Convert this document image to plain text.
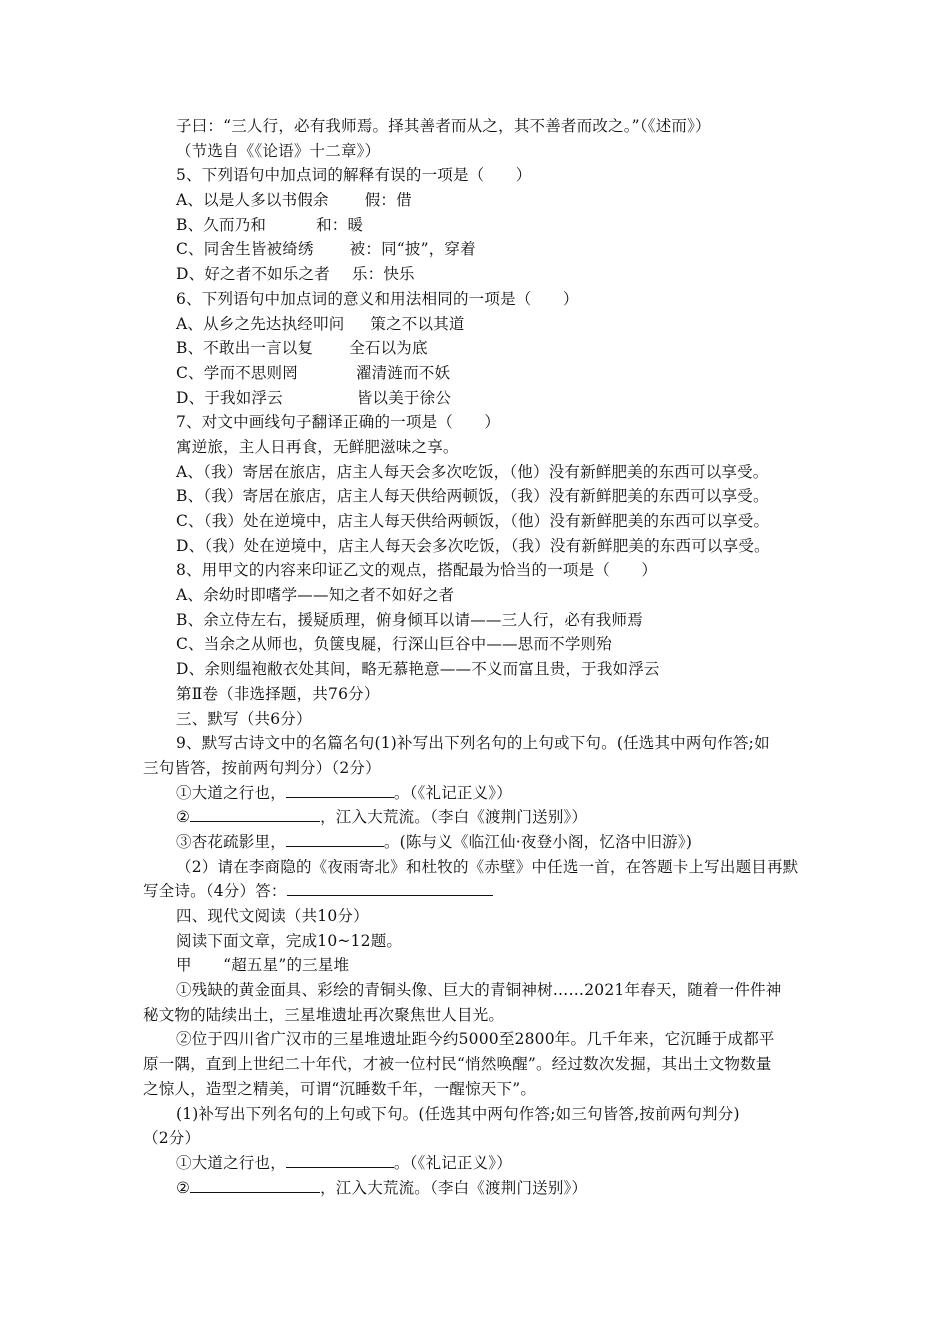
子曰：“三人行，必有我师焉。择其善者而从之，其不善者而改之。”（《述而》）
（节选自《《论语》十二章》）
5、下列语句中加点词的解释有误的一项是（　　）
A、以是人多以书假余 假：借
B、久而乃和	和：暖
C、同舍生皆被绮绣 被：同“披”，穿着
D、好之者不如乐之者 乐：快乐
6、下列语句中加点词的意义和用法相同的一项是（　　）
A、从乡之先达执经叩问 策之不以其道
B、不敢出一言以复 全石以为底
C、学而不思则罔	濯清涟而不妖
D、于我如浮云	皆以美于徐公
7、对文中画线句子翻译正确的一项是（　　）
寓逆旅，主人日再食，无鲜肥滋味之享。
A、（我）寄居在旅店，店主人每天会多次吃饭，（他）没有新鲜肥美的东西可以享受。
B、（我）寄居在旅店，店主人每天供给两顿饭，（我）没有新鲜肥美的东西可以享受。
C、（我）处在逆境中，店主人每天供给两顿饭，（他）没有新鲜肥美的东西可以享受。
D、（我）处在逆境中，店主人每天会多次吃饭，（我）没有新鲜肥美的东西可以享受。
8、用甲文的内容来印证乙文的观点，搭配最为恰当的一项是（　　）
A、余幼时即嗜学——知之者不如好之者
B、余立侍左右，援疑质理，俯身倾耳以请——三人行，必有我师焉
C、当余之从师也，负箧曳屣，行深山巨谷中——思而不学则殆
D、余则缊袍敝衣处其间，略无慕艳意——不义而富且贵，于我如浮云
第Ⅱ卷（非选择题，共76分）
三、默写（共6分）
9、默写古诗文中的名篇名句(1)补写出下列名句的上句或下句。(任选其中两句作答;如
三句皆答，按前两句判分）（2分）
①大道之行也，	。（《礼记正义》）
②	，江入大荒流。（李白《渡荆门送别》）
③杏花疏影里，	。(陈与义《临江仙·夜登小阁，忆洛中旧游》)
（2）请在李商隐的《夜雨寄北》和杜牧的《赤壁》中任选一首，在答题卡上写出题目再默
写全诗。（4分）答：
四、现代文阅读（共10分）
阅读下面文章，完成10~12题。
甲　　“超五星”的三星堆
①残缺的黄金面具、彩绘的青铜头像、巨大的青铜神树……2021年春天，随着一件件神
秘文物的陆续出土，三星堆遗址再次聚焦世人目光。
②位于四川省广汉市的三星堆遗址距今约5000至2800年。几千年来，它沉睡于成都平
原一隅，直到上世纪二十年代，才被一位村民“悄然唤醒”。经过数次发掘，其出土文物数量
之惊人，造型之精美，可谓“沉睡数千年，一醒惊天下”。
(1)补写出下列名句的上句或下句。(任选其中两句作答;如三句皆答,按前两句判分)
（2分）
①大道之行也，	。（《礼记正义》）
②	，江入大荒流。（李白《渡荆门送别》）
